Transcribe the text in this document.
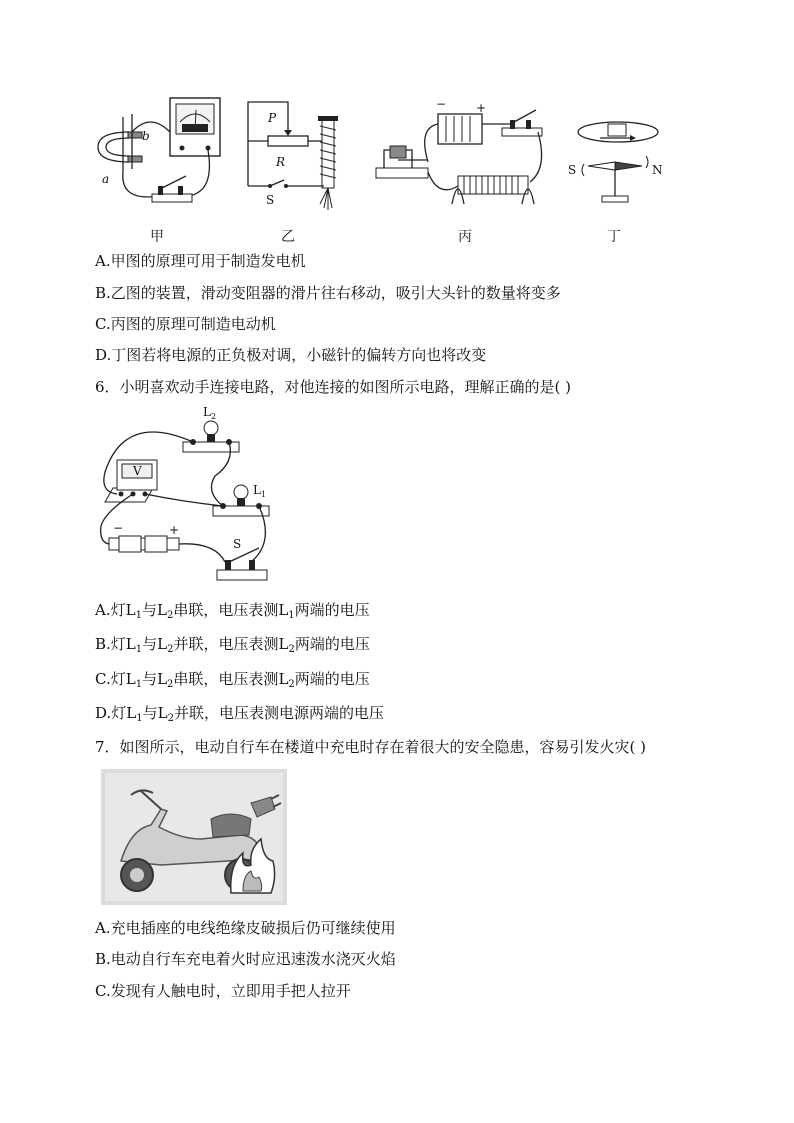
b
a
甲
P
R
S
乙
− +
丙
S	N
丁
A.甲图的原理可用于制造发电机
B.乙图的装置，滑动变阻器的滑片往右移动，吸引大头针的数量将变多
C.丙图的原理可制造电动机
D.丁图若将电源的正负极对调，小磁针的偏转方向也将改变
6．小明喜欢动手连接电路，对他连接的如图所示电路，理解正确的是( )
$L_2$
V
$L_1$
−	+
S
A.灯$L_1$与$L_2$串联，电压表测$L_1$两端的电压
B.灯$L_1$与$L_2$并联，电压表测$L_2$两端的电压
C.灯$L_1$与$L_2$串联，电压表测$L_2$两端的电压
D.灯$L_1$与$L_2$并联，电压表测电源两端的电压
7．如图所示，电动自行车在楼道中充电时存在着很大的安全隐患，容易引发火灾( )
A.充电插座的电线绝缘皮破损后仍可继续使用
B.电动自行车充电着火时应迅速泼水浇灭火焰
C.发现有人触电时，立即用手把人拉开
